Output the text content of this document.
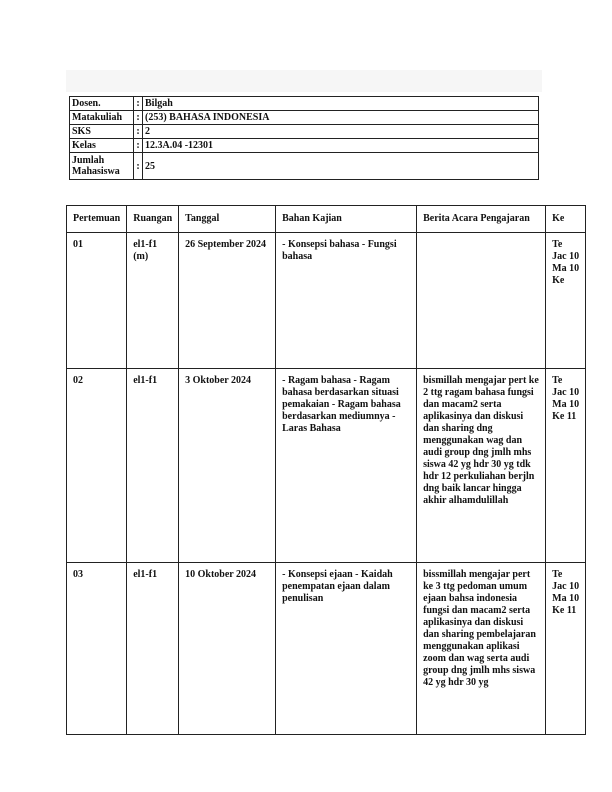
Dosen.	:	Bilgah
Matakuliah	:	(253) BAHASA INDONESIA
SKS	:	2
Kelas	:	12.3A.04 -12301
Jumlah Mahasiswa	:	25
Pertemuan	Ruangan	Tanggal	Bahan Kajian	Berita Acara Pengajaran	Ke
01	el1-f1 (m)	26 September 2024	- Konsepsi bahasa - Fungsi bahasa		Te Jac 10 Ma 10 Ke
02	el1-f1	3 Oktober 2024	- Ragam bahasa - Ragam bahasa berdasarkan situasi pemakaian - Ragam bahasa berdasarkan mediumnya - Laras Bahasa	bismillah mengajar pert ke 2 ttg ragam bahasa fungsi dan macam2 serta aplikasinya dan diskusi dan sharing dng menggunakan wag dan audi group dng jmlh mhs siswa 42 yg hdr 30 yg tdk hdr 12 perkuliahan berjln dng baik lancar hingga akhir alhamdulillah	Te Jac 10 Ma 10 Ke 11
03	el1-f1	10 Oktober 2024	- Konsepsi ejaan - Kaidah penempatan ejaan dalam penulisan	bissmillah mengajar pert ke 3 ttg pedoman umum ejaan bahsa indonesia fungsi dan macam2 serta aplikasinya dan diskusi dan sharing pembelajaran menggunakan aplikasi zoom dan wag serta audi group dng jmlh mhs siswa 42 yg hdr 30 yg	Te Jac 10 Ma 10 Ke 11
